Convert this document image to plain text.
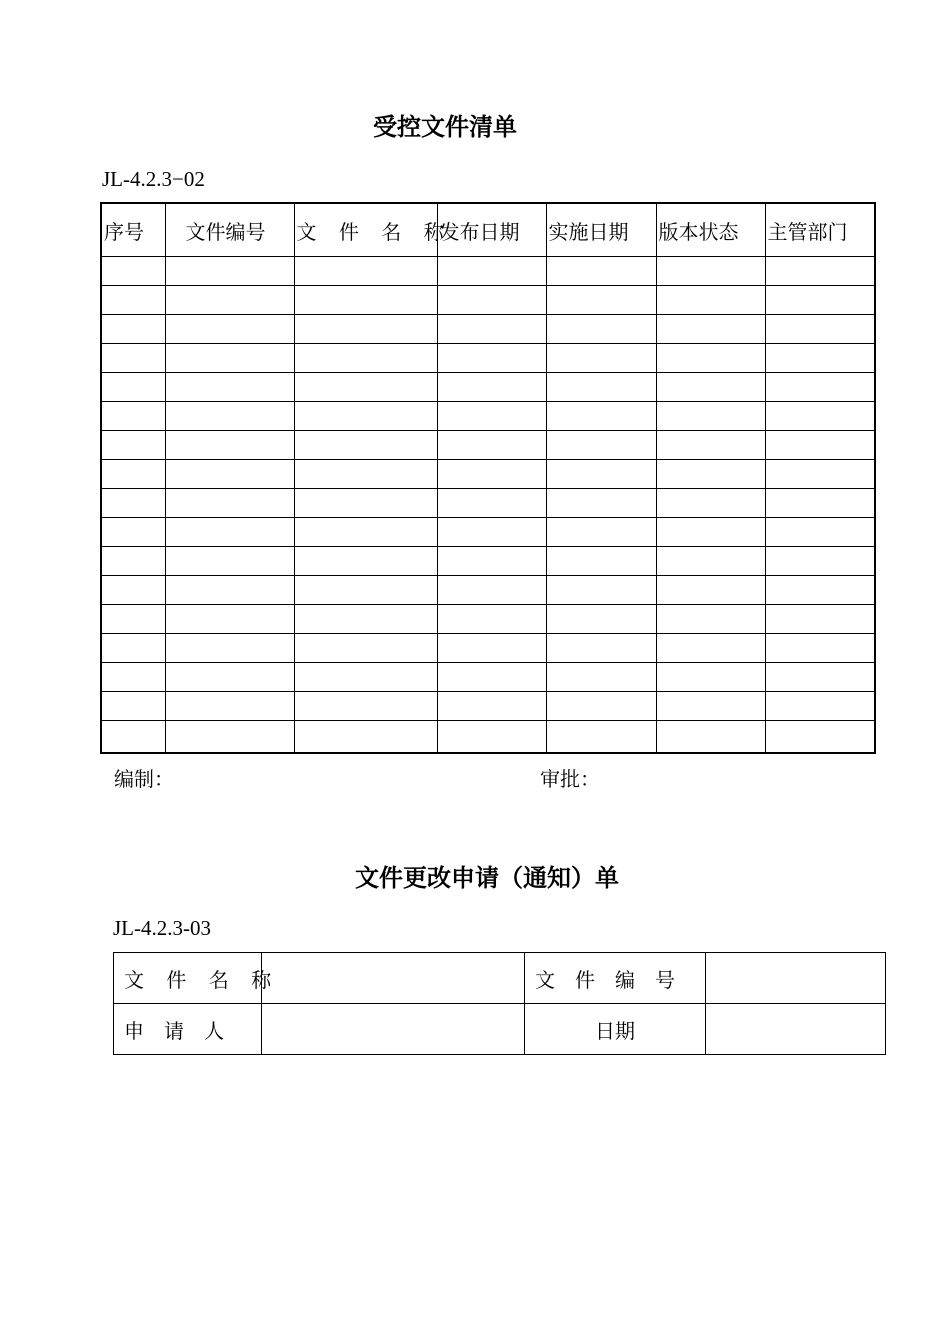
受控文件清单
JL-4.2.3−02
序号	文件编号	文 件 名 称	发布日期	实施日期	版本状态	主管部门

编制：	审批：
文件更改申请（通知）单
JL-4.2.3-03
文 件 名 称		文　件　编　号	
申　请　人		日期	
